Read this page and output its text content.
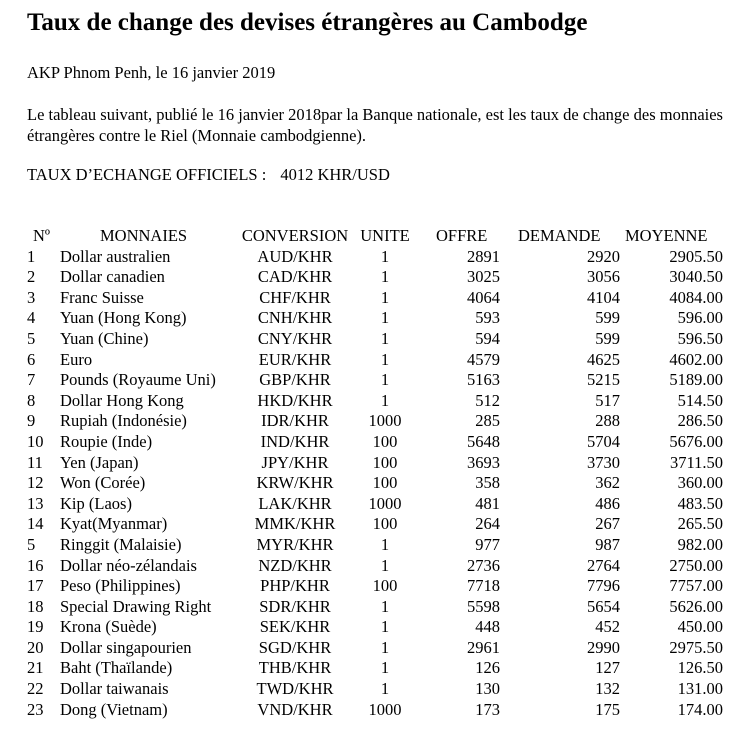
Taux de change des devises étrangères au Cambodge
AKP Phnom Penh, le 16 janvier 2019
Le tableau suivant, publié le 16 janvier 2018par la Banque nationale, est les taux de change des monnaies étrangères contre le Riel (Monnaie cambodgienne).
TAUX D’ECHANGE OFFICIELS : 4012 KHR/USD
Nº	MONNAIES	CONVERSION UNITE	OFFRE DEMANDE MOYENNE
1 Dollar australien	AUD/KHR	1	2891	2920	2905.50
2 Dollar canadien	CAD/KHR	1	3025	3056	3040.50
3 Franc Suisse	CHF/KHR	1	4064	4104	4084.00
4 Yuan (Hong Kong)	CNH/KHR	1	593	599	596.00
5 Yuan (Chine)	CNY/KHR	1	594	599	596.50
6 Euro	EUR/KHR	1	4579	4625	4602.00
7 Pounds (Royaume Uni)	GBP/KHR	1	5163	5215	5189.00
8 Dollar Hong Kong	HKD/KHR	1	512	517	514.50
9 Rupiah (Indonésie)	IDR/KHR	1000	285	288	286.50
10 Roupie (Inde)	IND/KHR	100	5648	5704	5676.00
11 Yen (Japan)	JPY/KHR	100	3693	3730	3711.50
12 Won (Corée)	KRW/KHR	100	358	362	360.00
13 Kip (Laos)	LAK/KHR	1000	481	486	483.50
14 Kyat(Myanmar)	MMK/KHR	100	264	267	265.50
5 Ringgit (Malaisie)	MYR/KHR	1	977	987	982.00
16 Dollar néo-zélandais	NZD/KHR	1	2736	2764	2750.00
17 Peso (Philippines)	PHP/KHR	100	7718	7796	7757.00
18 Special Drawing Right	SDR/KHR	1	5598	5654	5626.00
19 Krona (Suède)	SEK/KHR	1	448	452	450.00
20 Dollar singapourien	SGD/KHR	1	2961	2990	2975.50
21 Baht (Thaïlande)	THB/KHR	1	126	127	126.50
22 Dollar taiwanais	TWD/KHR	1	130	132	131.00
23 Dong (Vietnam)	VND/KHR	1000	173	175	174.00
